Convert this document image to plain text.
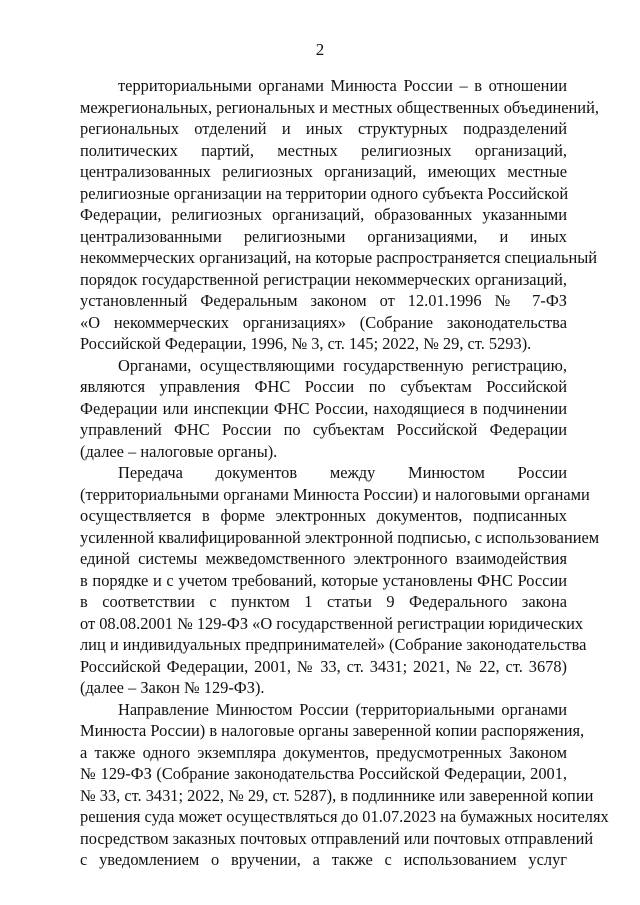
2

территориальными органами Минюста России – в отношении
межрегиональных, региональных и местных общественных объединений,
региональных отделений и иных структурных подразделений
политических партий, местных религиозных организаций,
централизованных религиозных организаций, имеющих местные
религиозные организации на территории одного субъекта Российской
Федерации, религиозных организаций, образованных указанными
централизованными религиозными организациями, и иных
некоммерческих организаций, на которые распространяется специальный
порядок государственной регистрации некоммерческих организаций,
установленный Федеральным законом от 12.01.1996 № 7-ФЗ
«О некоммерческих организациях» (Собрание законодательства
Российской Федерации, 1996, № 3, ст. 145; 2022, № 29, ст. 5293).

Органами, осуществляющими государственную регистрацию,
являются управления ФНС России по субъектам Российской
Федерации или инспекции ФНС России, находящиеся в подчинении
управлений ФНС России по субъектам Российской Федерации
(далее – налоговые органы).

Передача документов между Минюстом России
(территориальными органами Минюста России) и налоговыми органами
осуществляется в форме электронных документов, подписанных
усиленной квалифицированной электронной подписью, с использованием
единой системы межведомственного электронного взаимодействия
в порядке и с учетом требований, которые установлены ФНС России
в соответствии с пунктом 1 статьи 9 Федерального закона
от 08.08.2001 № 129-ФЗ «О государственной регистрации юридических
лиц и индивидуальных предпринимателей» (Собрание законодательства
Российской Федерации, 2001, № 33, ст. 3431; 2021, № 22, ст. 3678)
(далее – Закон № 129-ФЗ).

Направление Минюстом России (территориальными органами
Минюста России) в налоговые органы заверенной копии распоряжения,
а также одного экземпляра документов, предусмотренных Законом
№ 129-ФЗ (Собрание законодательства Российской Федерации, 2001,
№ 33, ст. 3431; 2022, № 29, ст. 5287), в подлиннике или заверенной копии
решения суда может осуществляться до 01.07.2023 на бумажных носителях
посредством заказных почтовых отправлений или почтовых отправлений
с уведомлением о вручении, а также с использованием услуг
